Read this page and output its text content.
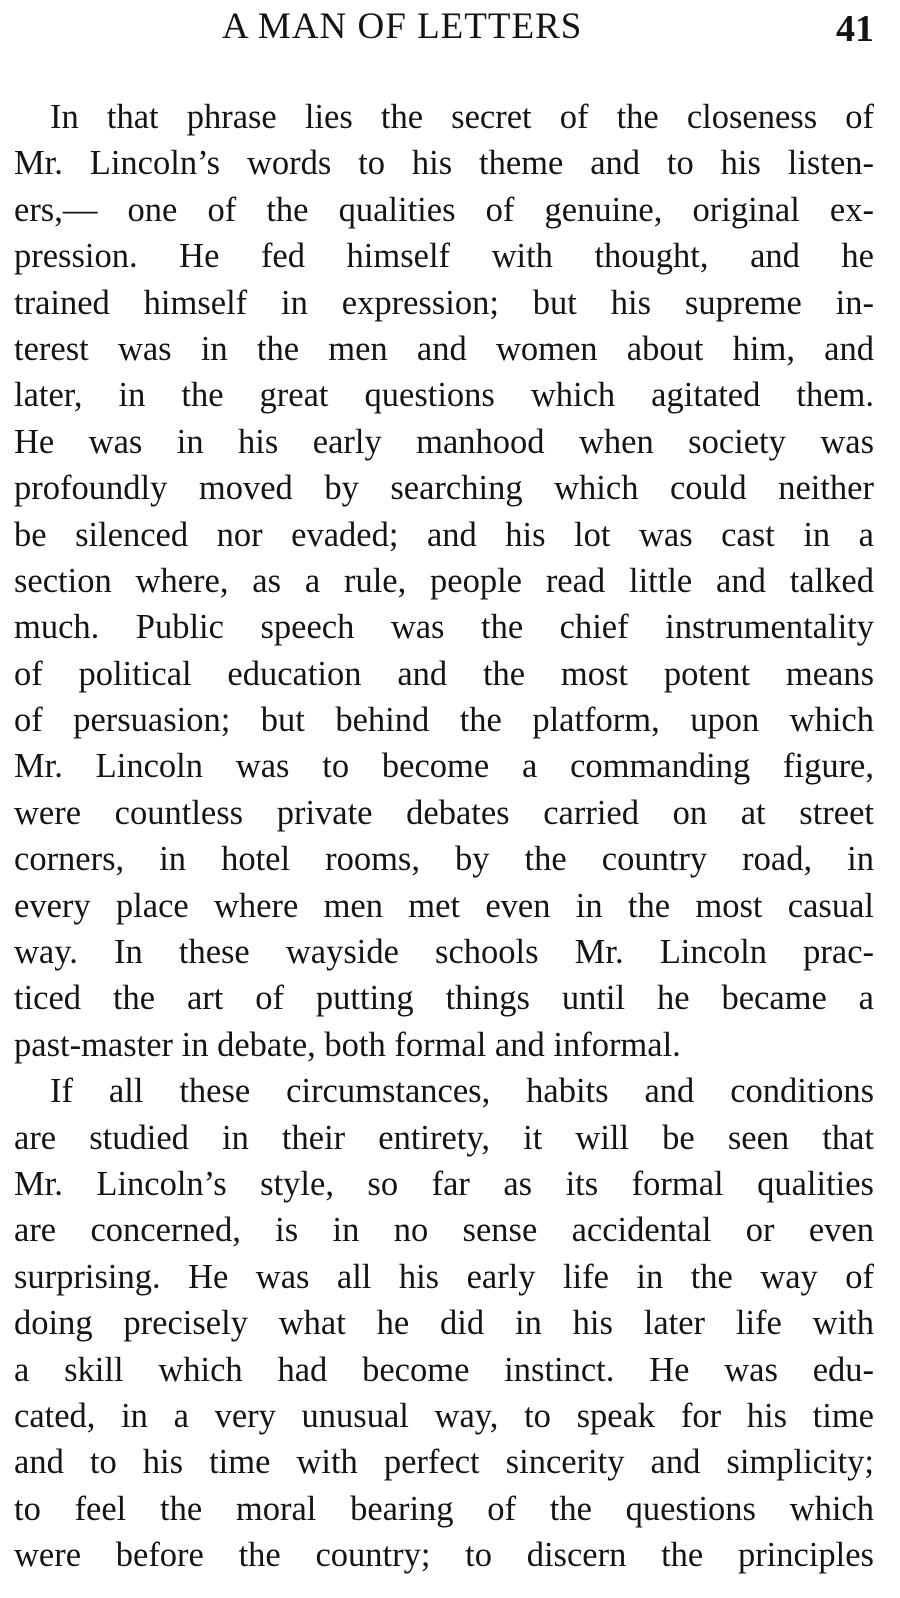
A MAN OF LETTERS	41
In that phrase lies the secret of the closeness of
Mr. Lincoln’s words to his theme and to his listen-
ers,— one of the qualities of genuine, original ex-
pression. He fed himself with thought, and he
trained himself in expression; but his supreme in-
terest was in the men and women about him, and
later, in the great questions which agitated them.
He was in his early manhood when society was
profoundly moved by searching which could neither
be silenced nor evaded; and his lot was cast in a
section where, as a rule, people read little and talked
much. Public speech was the chief instrumentality
of political education and the most potent means
of persuasion; but behind the platform, upon which
Mr. Lincoln was to become a commanding figure,
were countless private debates carried on at street
corners, in hotel rooms, by the country road, in
every place where men met even in the most casual
way. In these wayside schools Mr. Lincoln prac-
ticed the art of putting things until he became a
past-master in debate, both formal and informal.
If all these circumstances, habits and conditions
are studied in their entirety, it will be seen that
Mr. Lincoln’s style, so far as its formal qualities
are concerned, is in no sense accidental or even
surprising. He was all his early life in the way of
doing precisely what he did in his later life with
a skill which had become instinct. He was edu-
cated, in a very unusual way, to speak for his time
and to his time with perfect sincerity and simplicity;
to feel the moral bearing of the questions which
were before the country; to discern the principles
